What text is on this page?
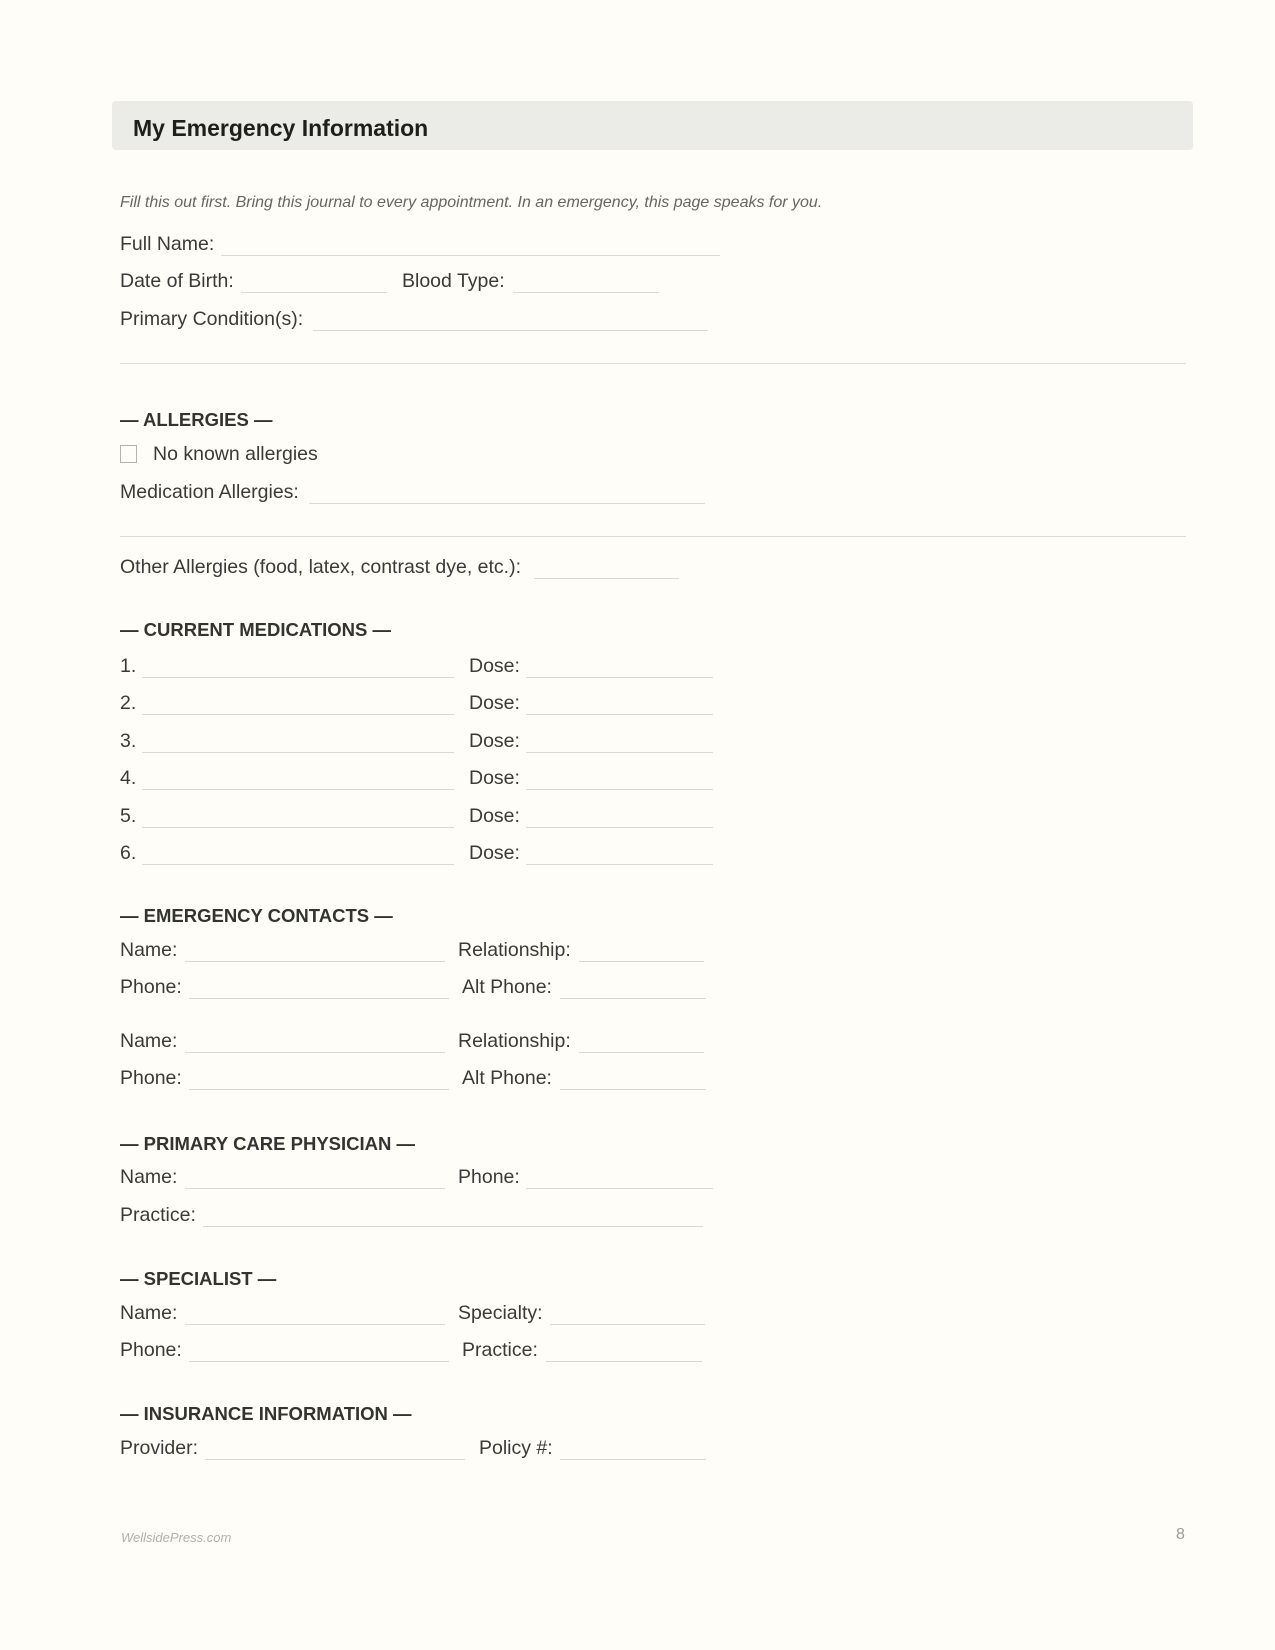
My Emergency Information
Fill this out first. Bring this journal to every appointment. In an emergency, this page speaks for you.
Full Name:
Date of Birth:	Blood Type:
Primary Condition(s):
— ALLERGIES —
No known allergies
Medication Allergies:
Other Allergies (food, latex, contrast dye, etc.):
— CURRENT MEDICATIONS —
1.	Dose:
2.	Dose:
3.	Dose:
4.	Dose:
5.	Dose:
6.	Dose:
— EMERGENCY CONTACTS —
Name:	Relationship:
Phone:	Alt Phone:
Name:	Relationship:
Phone:	Alt Phone:
— PRIMARY CARE PHYSICIAN —
Name:	Phone:
Practice:
— SPECIALIST —
Name:	Specialty:
Phone:	Practice:
— INSURANCE INFORMATION —
Provider:	Policy #:
WellsidePress.com	8
